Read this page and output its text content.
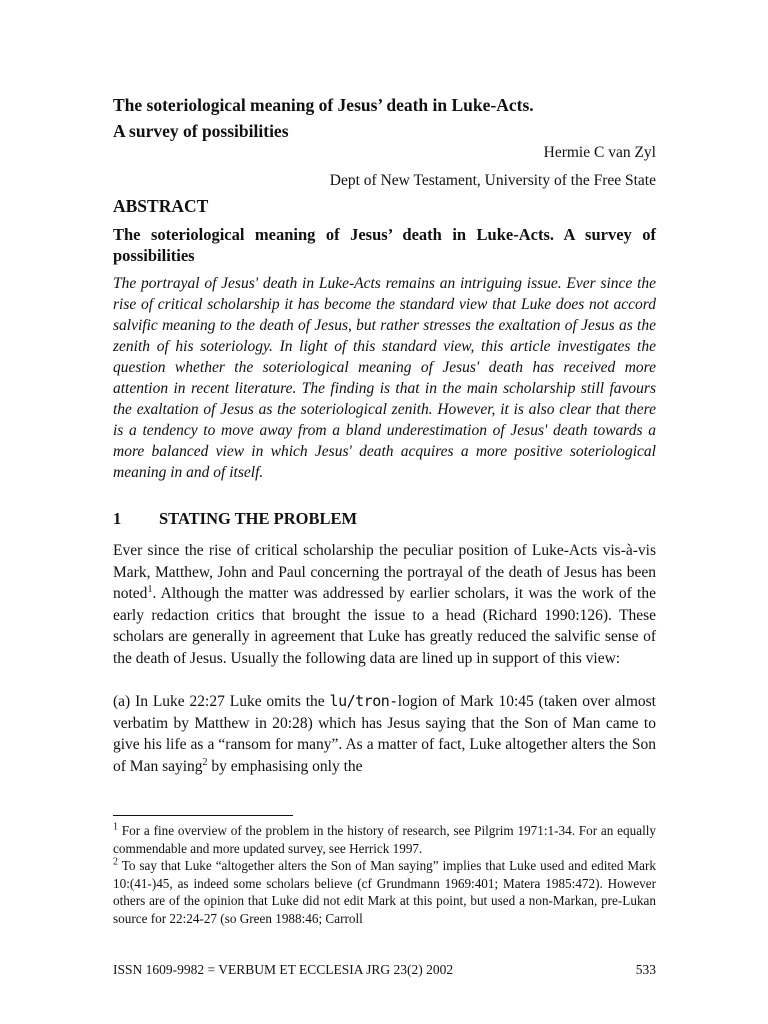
The soteriological meaning of Jesus’ death in Luke-Acts.
A survey of possibilities
Hermie C van Zyl
Dept of New Testament, University of the Free State
ABSTRACT

The soteriological meaning of Jesus’ death in Luke-Acts. A survey of possibilities

The portrayal of Jesus' death in Luke-Acts remains an intriguing issue. Ever since the rise of critical scholarship it has become the standard view that Luke does not accord salvific meaning to the death of Jesus, but rather stresses the exaltation of Jesus as the zenith of his soteriology. In light of this standard view, this article investigates the question whether the soteriological meaning of Jesus' death has received more attention in recent literature. The finding is that in the main scholarship still favours the exaltation of Jesus as the soteriological zenith. However, it is also clear that there is a tendency to move away from a bland underestimation of Jesus' death towards a more balanced view in which Jesus' death acquires a more positive soteriological meaning in and of itself.

1	STATING THE PROBLEM

Ever since the rise of critical scholarship the peculiar position of Luke-Acts vis-à-vis Mark, Matthew, John and Paul concerning the portrayal of the death of Jesus has been noted$^1$. Although the matter was addressed by earlier scholars, it was the work of the early redaction critics that brought the issue to a head (Richard 1990:126). These scholars are generally in agreement that Luke has greatly reduced the salvific sense of the death of Jesus. Usually the following data are lined up in support of this view:

(a) In Luke 22:27 Luke omits the lu/tron-logion of Mark 10:45 (taken over almost verbatim by Matthew in 20:28) which has Jesus saying that the Son of Man came to give his life as a “ransom for many”. As a matter of fact, Luke altogether alters the Son of Man saying$^2$ by emphasising only the

$^1$ For a fine overview of the problem in the history of research, see Pilgrim 1971:1-34. For an equally commendable and more updated survey, see Herrick 1997.

$^2$ To say that Luke “altogether alters the Son of Man saying” implies that Luke used and edited Mark 10:(41-)45, as indeed some scholars believe (cf Grundmann 1969:401; Matera 1985:472). However others are of the opinion that Luke did not edit Mark at this point, but used a non-Markan, pre-Lukan source for 22:24-27 (so Green 1988:46; Carroll

ISSN 1609-9982 = VERBUM ET ECCLESIA JRG 23(2) 2002	533
